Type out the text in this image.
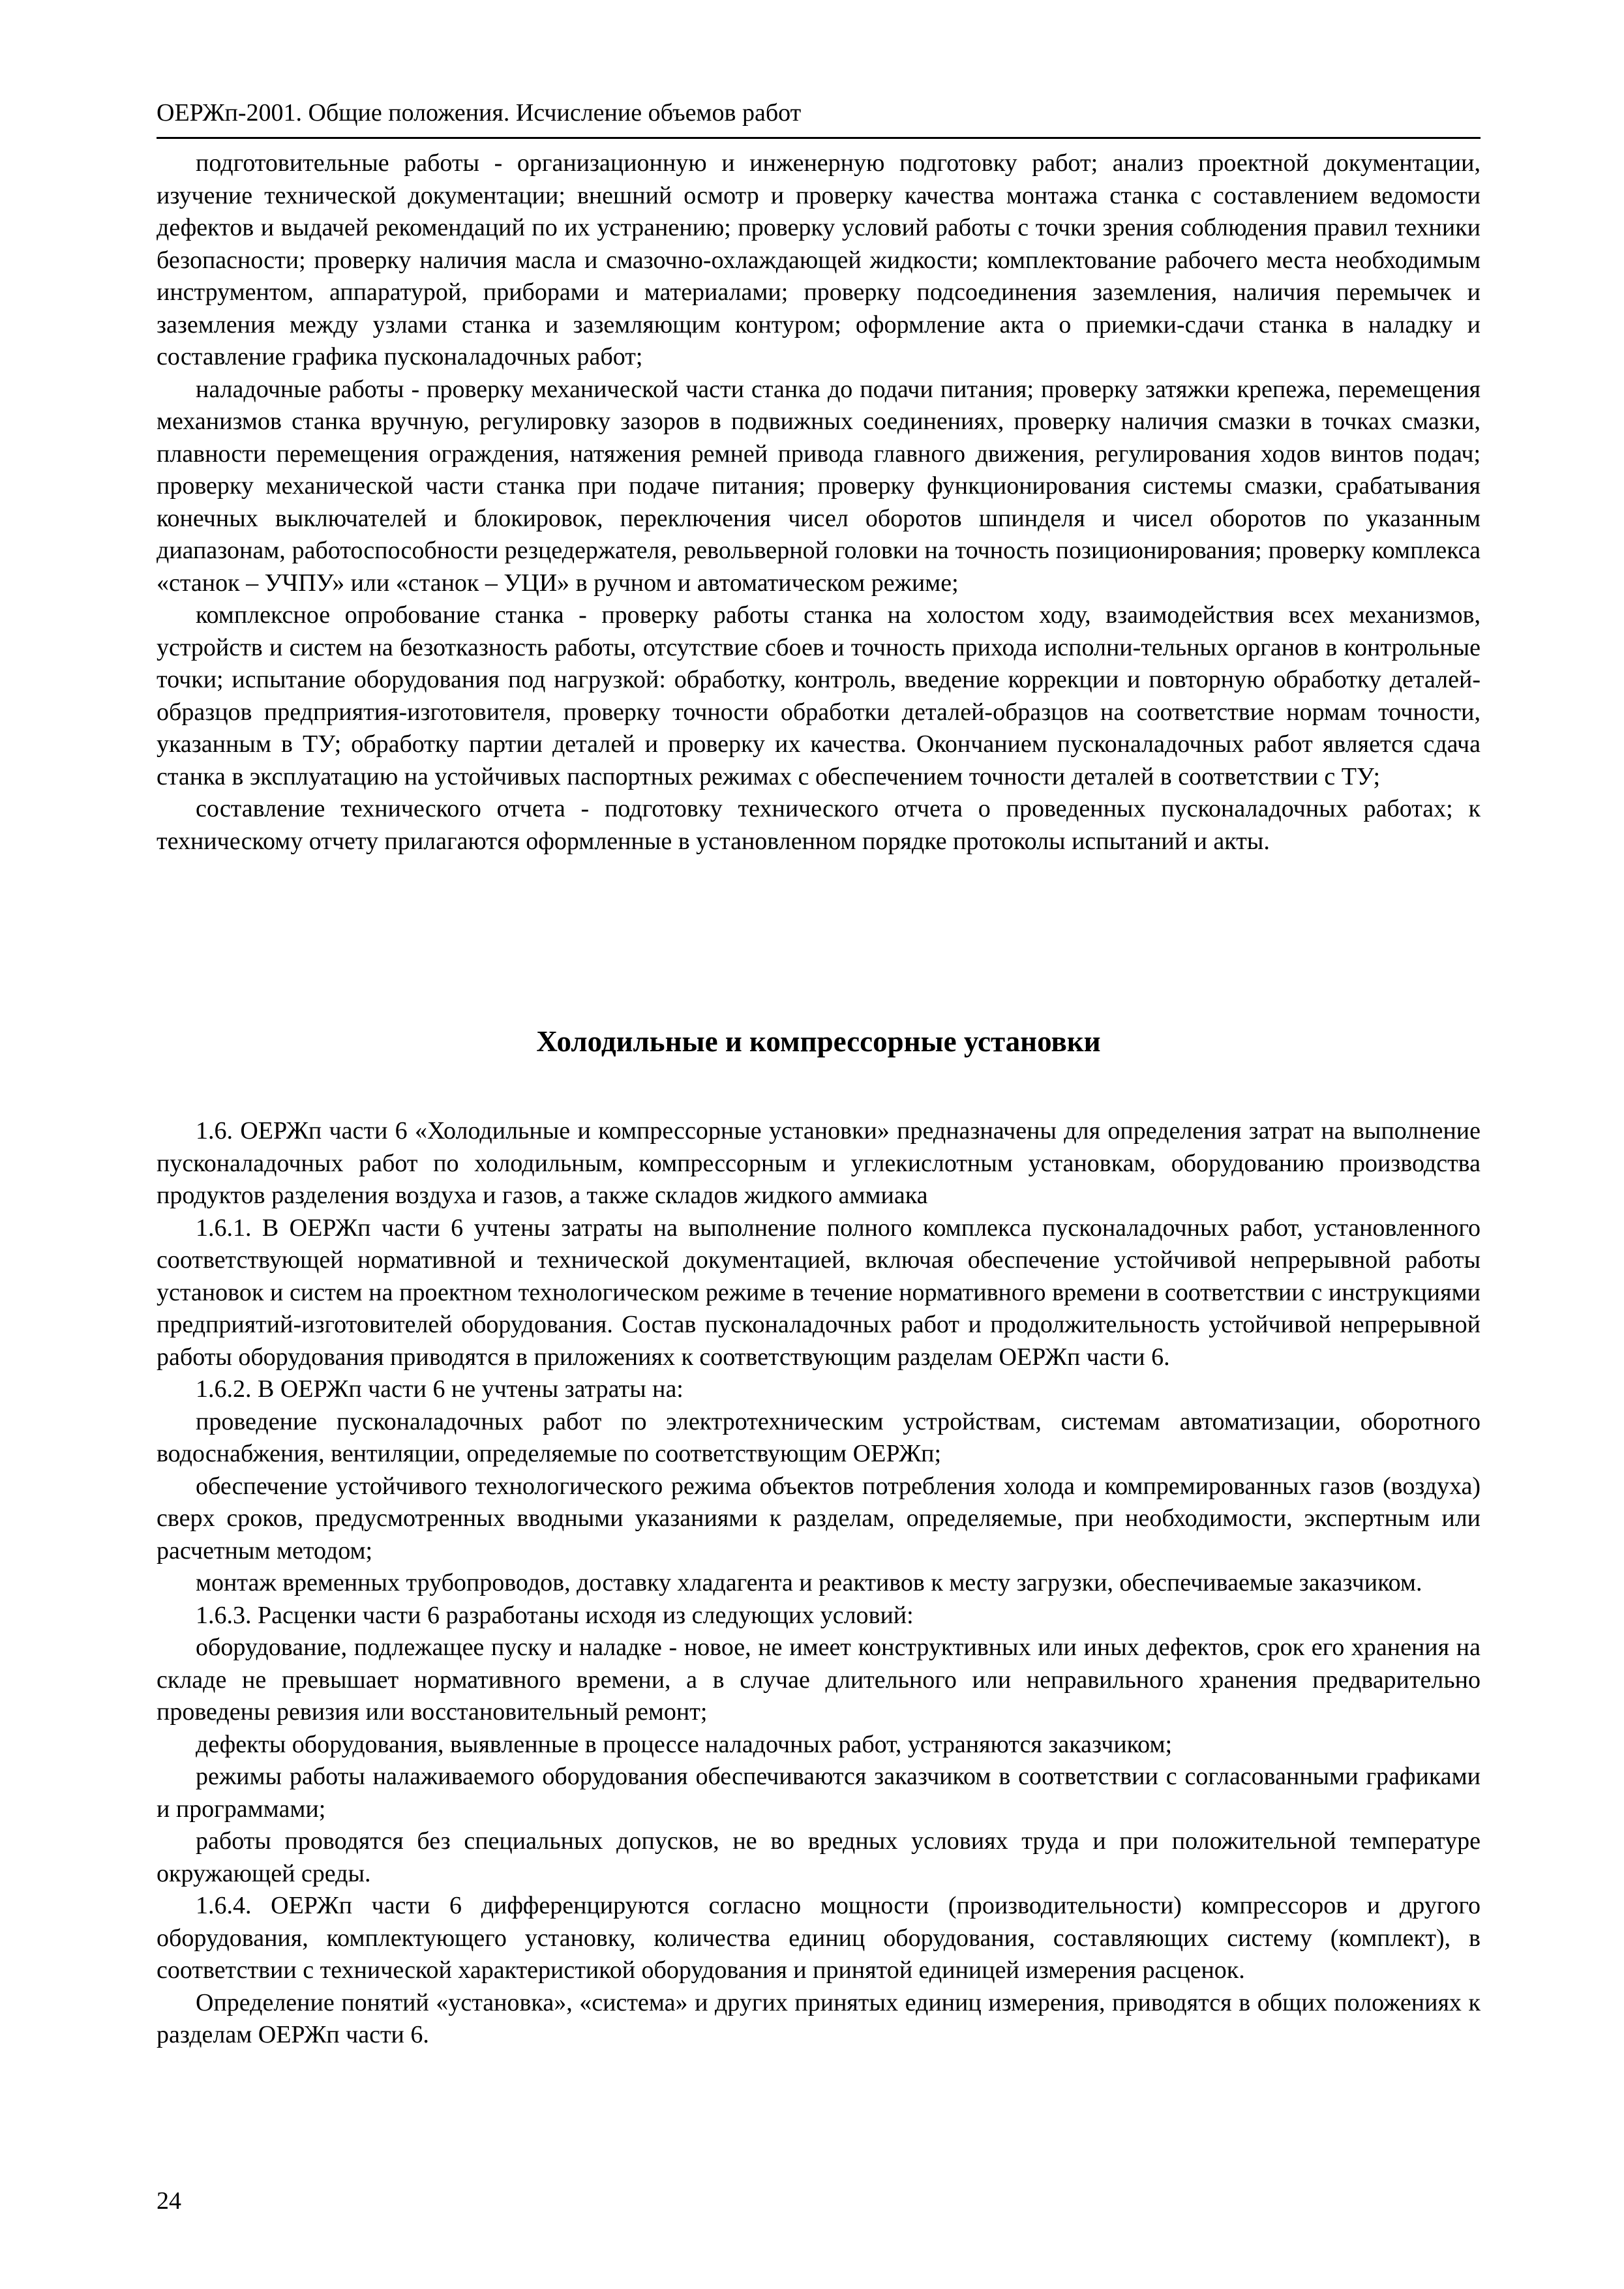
ОЕРЖп-2001. Общие положения. Исчисление объемов работ

подготовительные работы - организационную и инженерную подготовку работ; анализ проектной документации, изучение технической документации; внешний осмотр и проверку качества монтажа станка с составлением ведомости дефектов и выдачей рекомендаций по их устранению; проверку условий работы с точки зрения соблюдения правил техники безопасности; проверку наличия масла и смазочно-охлаждающей жидкости; комплектование рабочего места необходимым инструментом, аппаратурой, приборами и материалами; проверку подсоединения заземления, наличия перемычек и заземления между узлами станка и заземляющим контуром; оформление акта о приемки-сдачи станка в наладку и составление графика пусконаладочных работ;

наладочные работы - проверку механической части станка до подачи питания; проверку затяжки крепежа, перемещения механизмов станка вручную, регулировку зазоров в подвижных соединениях, проверку наличия смазки в точках смазки, плавности перемещения ограждения, натяжения ремней привода главного движения, регулирования ходов винтов подач; проверку механической части станка при подаче питания; проверку функционирования системы смазки, срабатывания конечных выключателей и блокировок, переключения чисел оборотов шпинделя и чисел оборотов по указанным диапазонам, работоспособности резцедержателя, револьверной головки на точность позиционирования; проверку комплекса «станок – УЧПУ» или «станок – УЦИ» в ручном и автоматическом режиме;

комплексное опробование станка - проверку работы станка на холостом ходу, взаимодействия всех механизмов, устройств и систем на безотказность работы, отсутствие сбоев и точность прихода исполни-тельных органов в контрольные точки; испытание оборудования под нагрузкой: обработку, контроль, введение коррекции и повторную обработку деталей-образцов предприятия-изготовителя, проверку точности обработки деталей-образцов на соответствие нормам точности, указанным в ТУ; обработку партии деталей и проверку их качества. Окончанием пусконаладочных работ является сдача станка в эксплуатацию на устойчивых паспортных режимах с обеспечением точности деталей в соответствии с ТУ;

составление технического отчета - подготовку технического отчета о проведенных пусконаладочных работах; к техническому отчету прилагаются оформленные в установленном порядке протоколы испытаний и акты.

Холодильные и компрессорные установки

1.6. ОЕРЖп части 6 «Холодильные и компрессорные установки» предназначены для определения затрат на выполнение пусконаладочных работ по холодильным, компрессорным и углекислотным установкам, оборудованию производства продуктов разделения воздуха и газов, а также складов жидкого аммиака

1.6.1. В ОЕРЖп части 6 учтены затраты на выполнение полного комплекса пусконаладочных работ, установленного соответствующей нормативной и технической документацией, включая обеспечение устойчивой непрерывной работы установок и систем на проектном технологическом режиме в течение нормативного времени в соответствии с инструкциями предприятий-изготовителей оборудования. Состав пусконаладочных работ и продолжительность устойчивой непрерывной работы оборудования приводятся в приложениях к соответствующим разделам ОЕРЖп части 6.

1.6.2. В ОЕРЖп части 6 не учтены затраты на:

проведение пусконаладочных работ по электротехническим устройствам, системам автоматизации, оборотного водоснабжения, вентиляции, определяемые по соответствующим ОЕРЖп;

обеспечение устойчивого технологического режима объектов потребления холода и компремированных газов (воздуха) сверх сроков, предусмотренных вводными указаниями к разделам, определяемые, при необходимости, экспертным или расчетным методом;

монтаж временных трубопроводов, доставку хладагента и реактивов к месту загрузки, обеспечиваемые заказчиком.

1.6.3. Расценки части 6 разработаны исходя из следующих условий:

оборудование, подлежащее пуску и наладке - новое, не имеет конструктивных или иных дефектов, срок его хранения на складе не превышает нормативного времени, а в случае длительного или неправильного хранения предварительно проведены ревизия или восстановительный ремонт;

дефекты оборудования, выявленные в процессе наладочных работ, устраняются заказчиком;

режимы работы налаживаемого оборудования обеспечиваются заказчиком в соответствии с согласованными графиками и программами;

работы проводятся без специальных допусков, не во вредных условиях труда и при положительной температуре окружающей среды.

1.6.4. ОЕРЖп части 6 дифференцируются согласно мощности (производительности) компрессоров и другого оборудования, комплектующего установку, количества единиц оборудования, составляющих систему (комплект), в соответствии с технической характеристикой оборудования и принятой единицей измерения расценок.

Определение понятий «установка», «система» и других принятых единиц измерения, приводятся в общих положениях к разделам ОЕРЖп части 6.

24
